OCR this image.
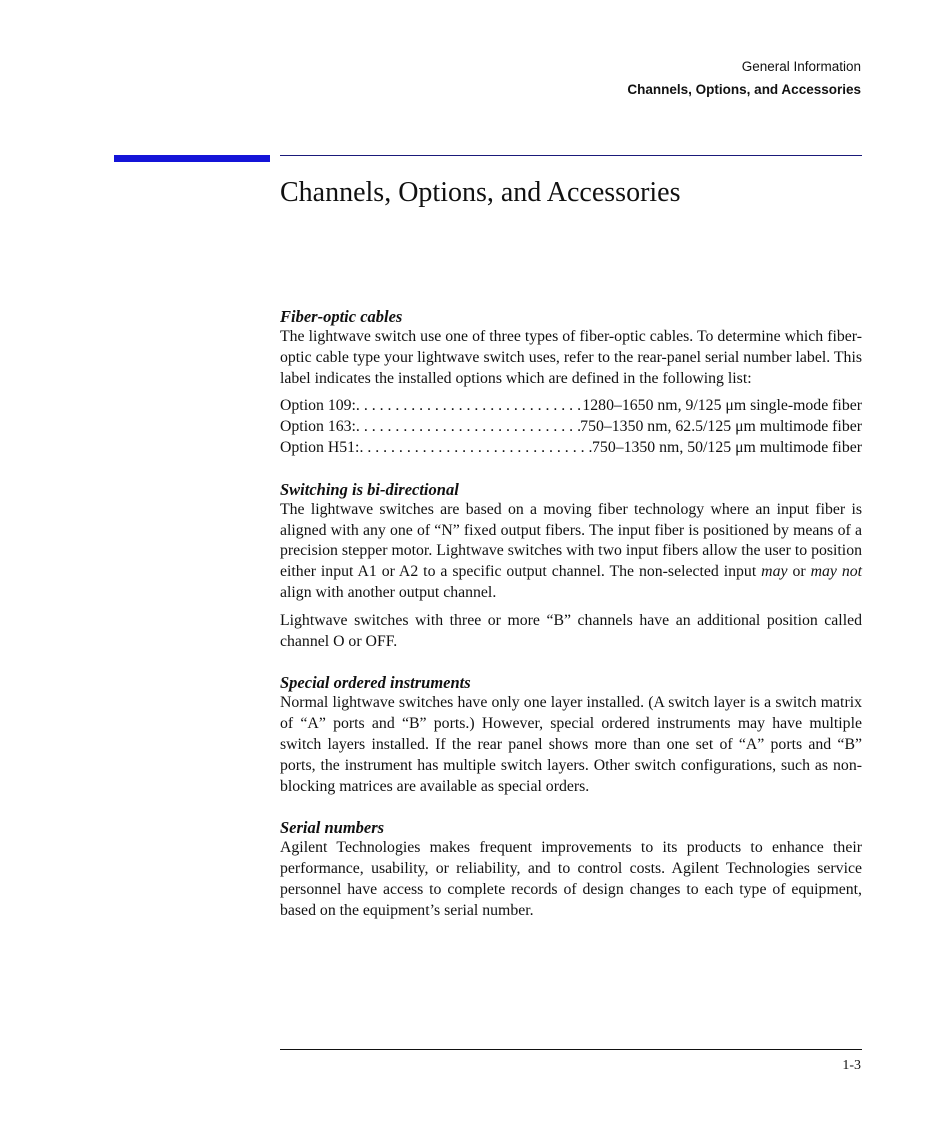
General Information
Channels, Options, and Accessories
Channels, Options, and Accessories
Fiber-optic cables

The lightwave switch use one of three types of fiber-optic cables. To determine which fiber-optic cable type your lightwave switch uses, refer to the rear-panel serial number label. This label indicates the installed options which are defined in the following list:

Option 109: . . .	1280–1650 nm, 9/125 μm single-mode fiber
Option 163: . . .	750–1350 nm, 62.5/125 μm multimode fiber
Option H51: . . .	750–1350 nm, 50/125 μm multimode fiber
Switching is bi-directional

The lightwave switches are based on a moving fiber technology where an input fiber is aligned with any one of “N” fixed output fibers. The input fiber is positioned by means of a precision stepper motor. Lightwave switches with two input fibers allow the user to position either input A1 or A2 to a specific output channel. The non-selected input may or may not align with another output channel.

Lightwave switches with three or more “B” channels have an additional position called channel O or OFF.

Special ordered instruments

Normal lightwave switches have only one layer installed. (A switch layer is a switch matrix of “A” ports and “B” ports.) However, special ordered instruments may have multiple switch layers installed. If the rear panel shows more than one set of “A” ports and “B” ports, the instrument has multiple switch layers. Other switch configurations, such as non-blocking matrices are available as special orders.

Serial numbers

Agilent Technologies makes frequent improvements to its products to enhance their performance, usability, or reliability, and to control costs. Agilent Technologies service personnel have access to complete records of design changes to each type of equipment, based on the equipment’s serial number.

1-3
